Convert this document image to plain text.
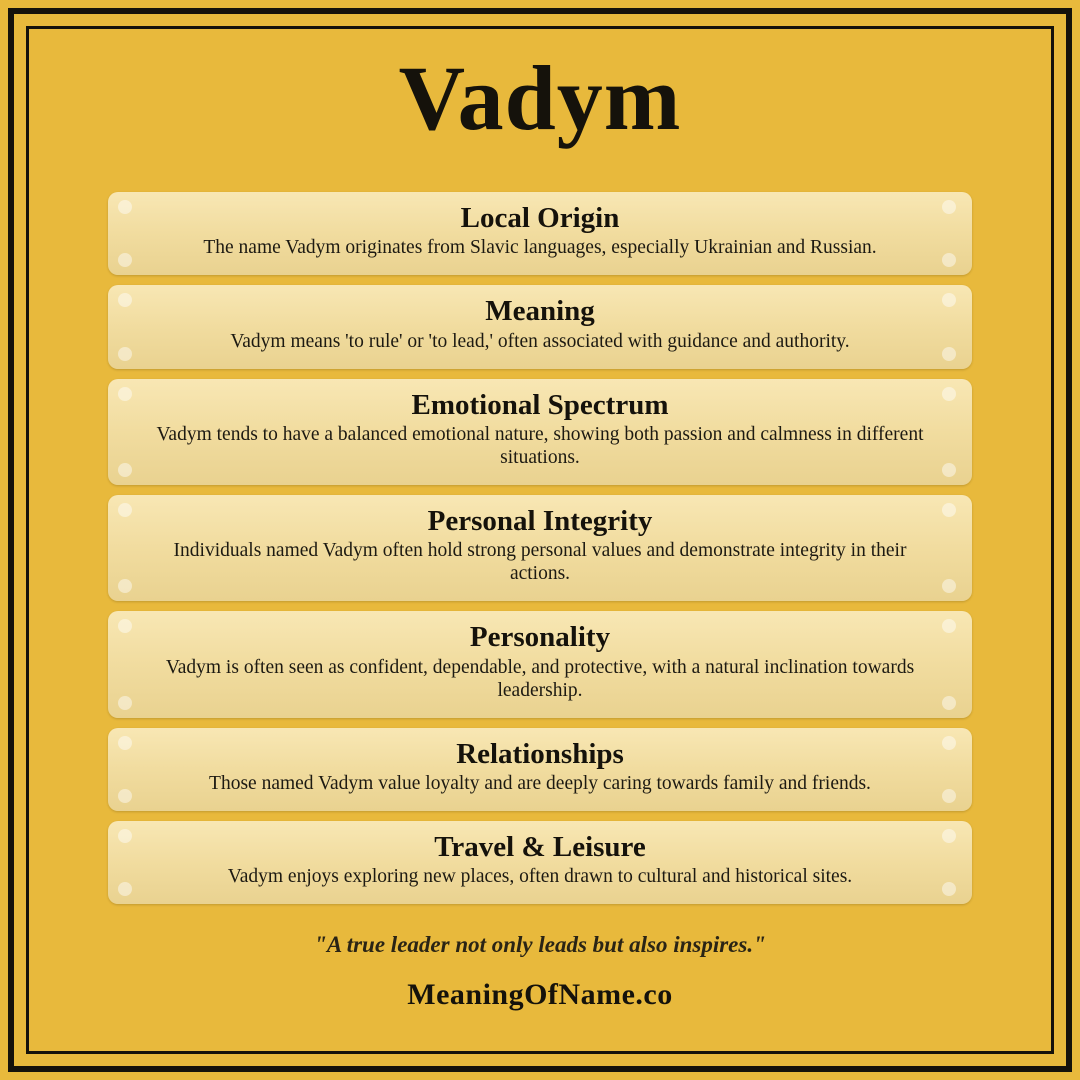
Vadym
Local Origin
The name Vadym originates from Slavic languages, especially Ukrainian and Russian.
Meaning
Vadym means 'to rule' or 'to lead,' often associated with guidance and authority.
Emotional Spectrum
Vadym tends to have a balanced emotional nature, showing both passion and calmness in different situations.
Personal Integrity
Individuals named Vadym often hold strong personal values and demonstrate integrity in their actions.
Personality
Vadym is often seen as confident, dependable, and protective, with a natural inclination towards leadership.
Relationships
Those named Vadym value loyalty and are deeply caring towards family and friends.
Travel & Leisure
Vadym enjoys exploring new places, often drawn to cultural and historical sites.
"A true leader not only leads but also inspires."
MeaningOfName.co
